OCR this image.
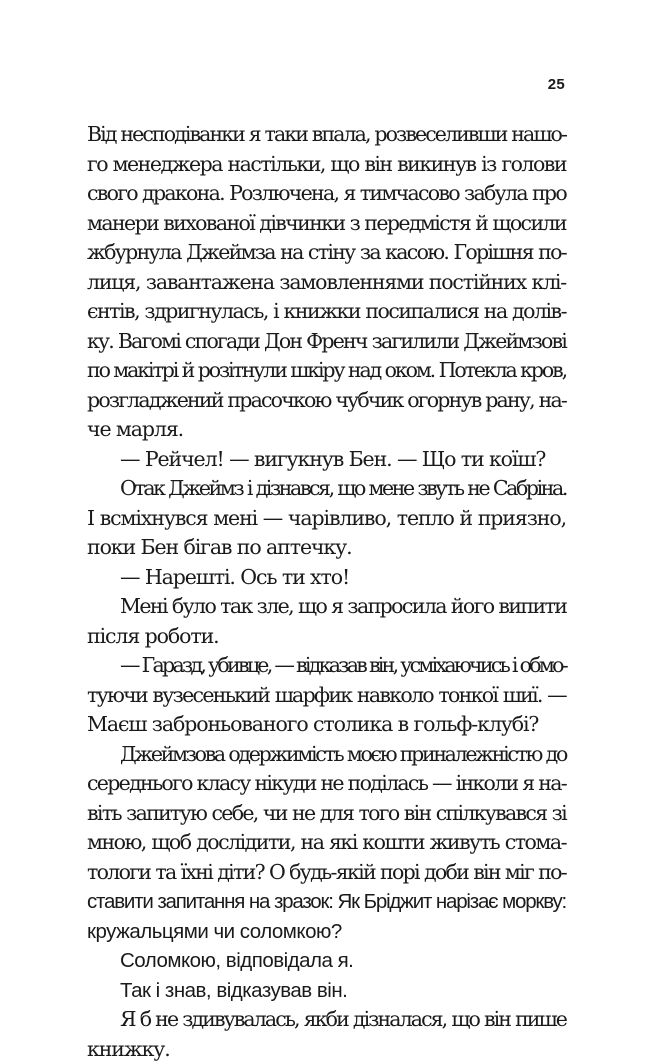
25
Від несподіванки я таки впала, розвеселивши нашо-
го менеджера настільки, що він викинув із голови
свого дракона. Розлючена, я тимчасово забула про
манери вихованої дівчинки з передмістя й щосили
жбурнула Джеймза на стіну за касою. Горішня по-
лиця, завантажена замовленнями постійних клі-
єнтів, здригнулась, і книжки посипалися на долів-
ку. Вагомі спогади Дон Френч загилили Джеймзові
по макітрі й розітнули шкіру над оком. Потекла кров,
розгладжений прасочкою чубчик огорнув рану, на-
че марля.
— Рейчел! — вигукнув Бен. — Що ти коїш?
Отак Джеймз і дізнався, що мене звуть не Сабріна.
І всміхнувся мені — чарівливо, тепло й приязно,
поки Бен бігав по аптечку.
— Нарешті. Ось ти хто!
Мені було так зле, що я запросила його випити
після роботи.
— Гаразд, убивце, — відказав він, усміхаючись і обмо-
туючи вузесенький шарфик навколо тонкої шиї. —
Маєш заброньованого столика в гольф-клубі?
Джеймзова одержимість моєю приналежністю до
середнього класу нікуди не поділась — інколи я на-
віть запитую себе, чи не для того він спілкувався зі
мною, щоб дослідити, на які кошти живуть стома-
тологи та їхні діти? О будь-якій порі доби він міг по-
ставити запитання на зразок: Як Бріджит нарізає моркву:
кружальцями чи соломкою?
Соломкою, відповідала я.
Так і знав, відказував він.
Я б не здивувалась, якби дізналася, що він пише
книжку.
